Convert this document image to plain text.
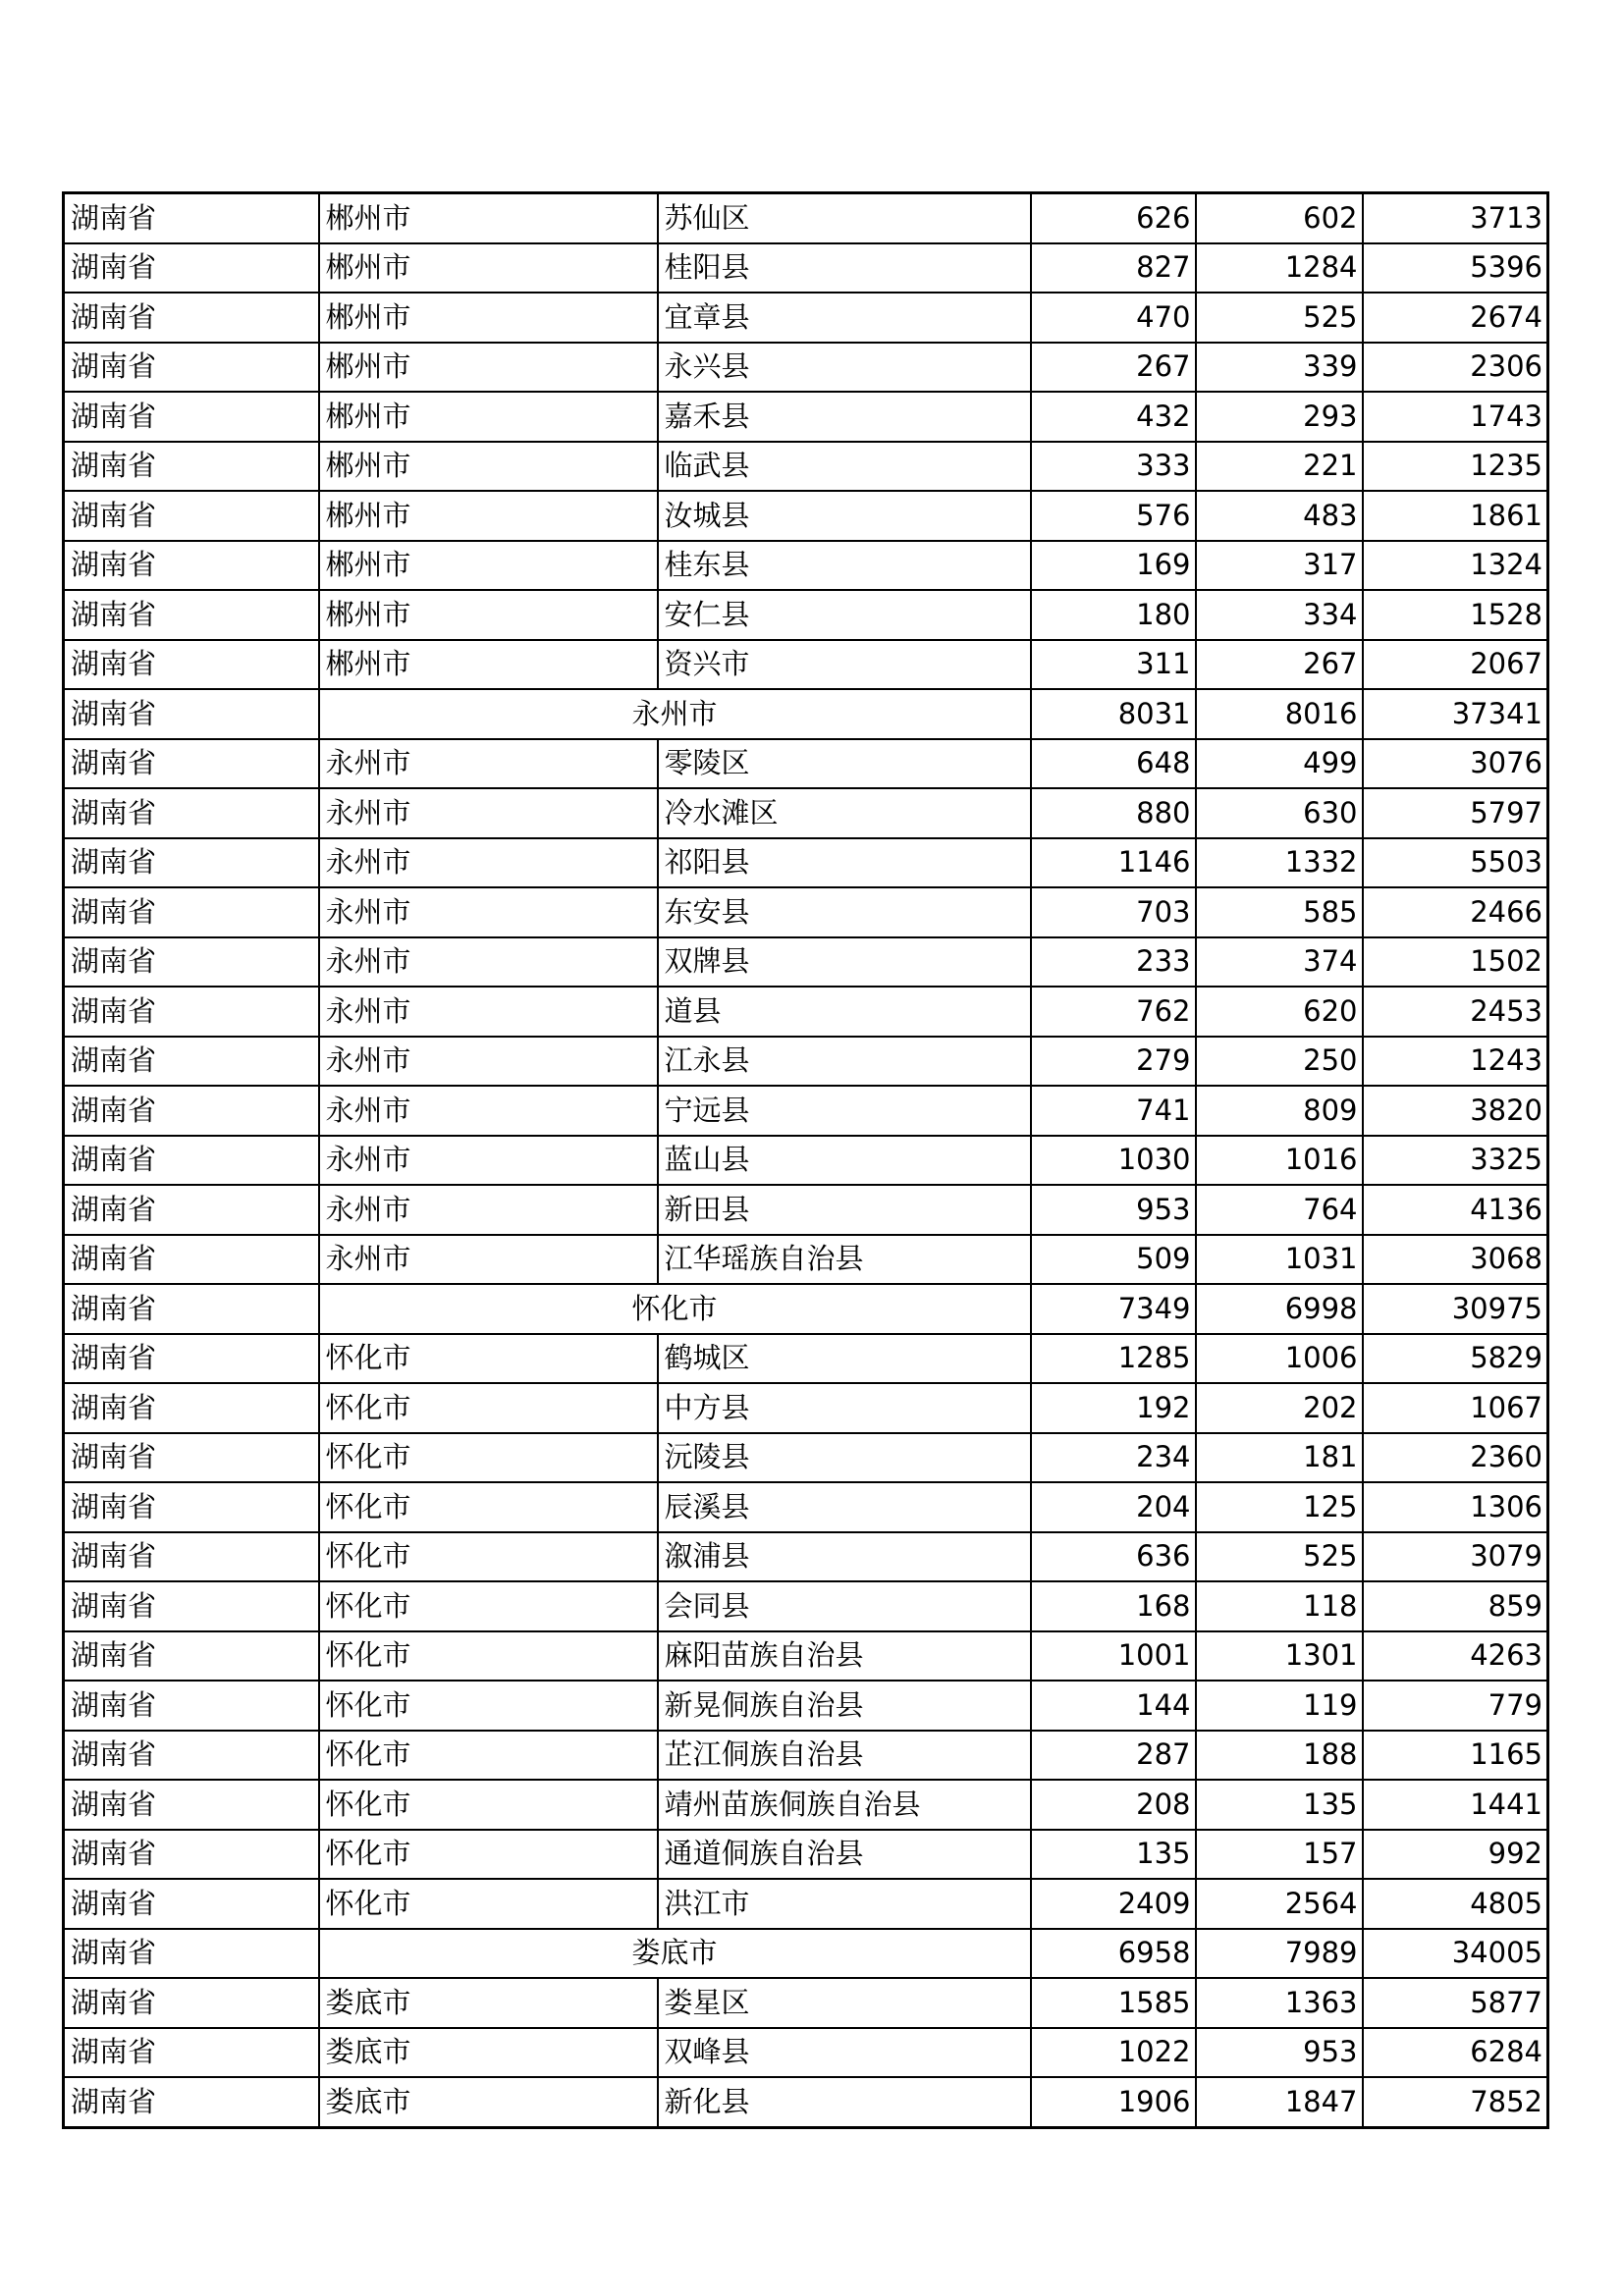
湖南省	郴州市	苏仙区	626	602	3713
湖南省	郴州市	桂阳县	827	1284	5396
湖南省	郴州市	宜章县	470	525	2674
湖南省	郴州市	永兴县	267	339	2306
湖南省	郴州市	嘉禾县	432	293	1743
湖南省	郴州市	临武县	333	221	1235
湖南省	郴州市	汝城县	576	483	1861
湖南省	郴州市	桂东县	169	317	1324
湖南省	郴州市	安仁县	180	334	1528
湖南省	郴州市	资兴市	311	267	2067
湖南省	永州市		8031	8016	37341
湖南省	永州市	零陵区	648	499	3076
湖南省	永州市	冷水滩区	880	630	5797
湖南省	永州市	祁阳县	1146	1332	5503
湖南省	永州市	东安县	703	585	2466
湖南省	永州市	双牌县	233	374	1502
湖南省	永州市	道县	762	620	2453
湖南省	永州市	江永县	279	250	1243
湖南省	永州市	宁远县	741	809	3820
湖南省	永州市	蓝山县	1030	1016	3325
湖南省	永州市	新田县	953	764	4136
湖南省	永州市	江华瑶族自治县	509	1031	3068
湖南省	怀化市		7349	6998	30975
湖南省	怀化市	鹤城区	1285	1006	5829
湖南省	怀化市	中方县	192	202	1067
湖南省	怀化市	沅陵县	234	181	2360
湖南省	怀化市	辰溪县	204	125	1306
湖南省	怀化市	溆浦县	636	525	3079
湖南省	怀化市	会同县	168	118	859
湖南省	怀化市	麻阳苗族自治县	1001	1301	4263
湖南省	怀化市	新晃侗族自治县	144	119	779
湖南省	怀化市	芷江侗族自治县	287	188	1165
湖南省	怀化市	靖州苗族侗族自治县	208	135	1441
湖南省	怀化市	通道侗族自治县	135	157	992
湖南省	怀化市	洪江市	2409	2564	4805
湖南省	娄底市		6958	7989	34005
湖南省	娄底市	娄星区	1585	1363	5877
湖南省	娄底市	双峰县	1022	953	6284
湖南省	娄底市	新化县	1906	1847	7852
